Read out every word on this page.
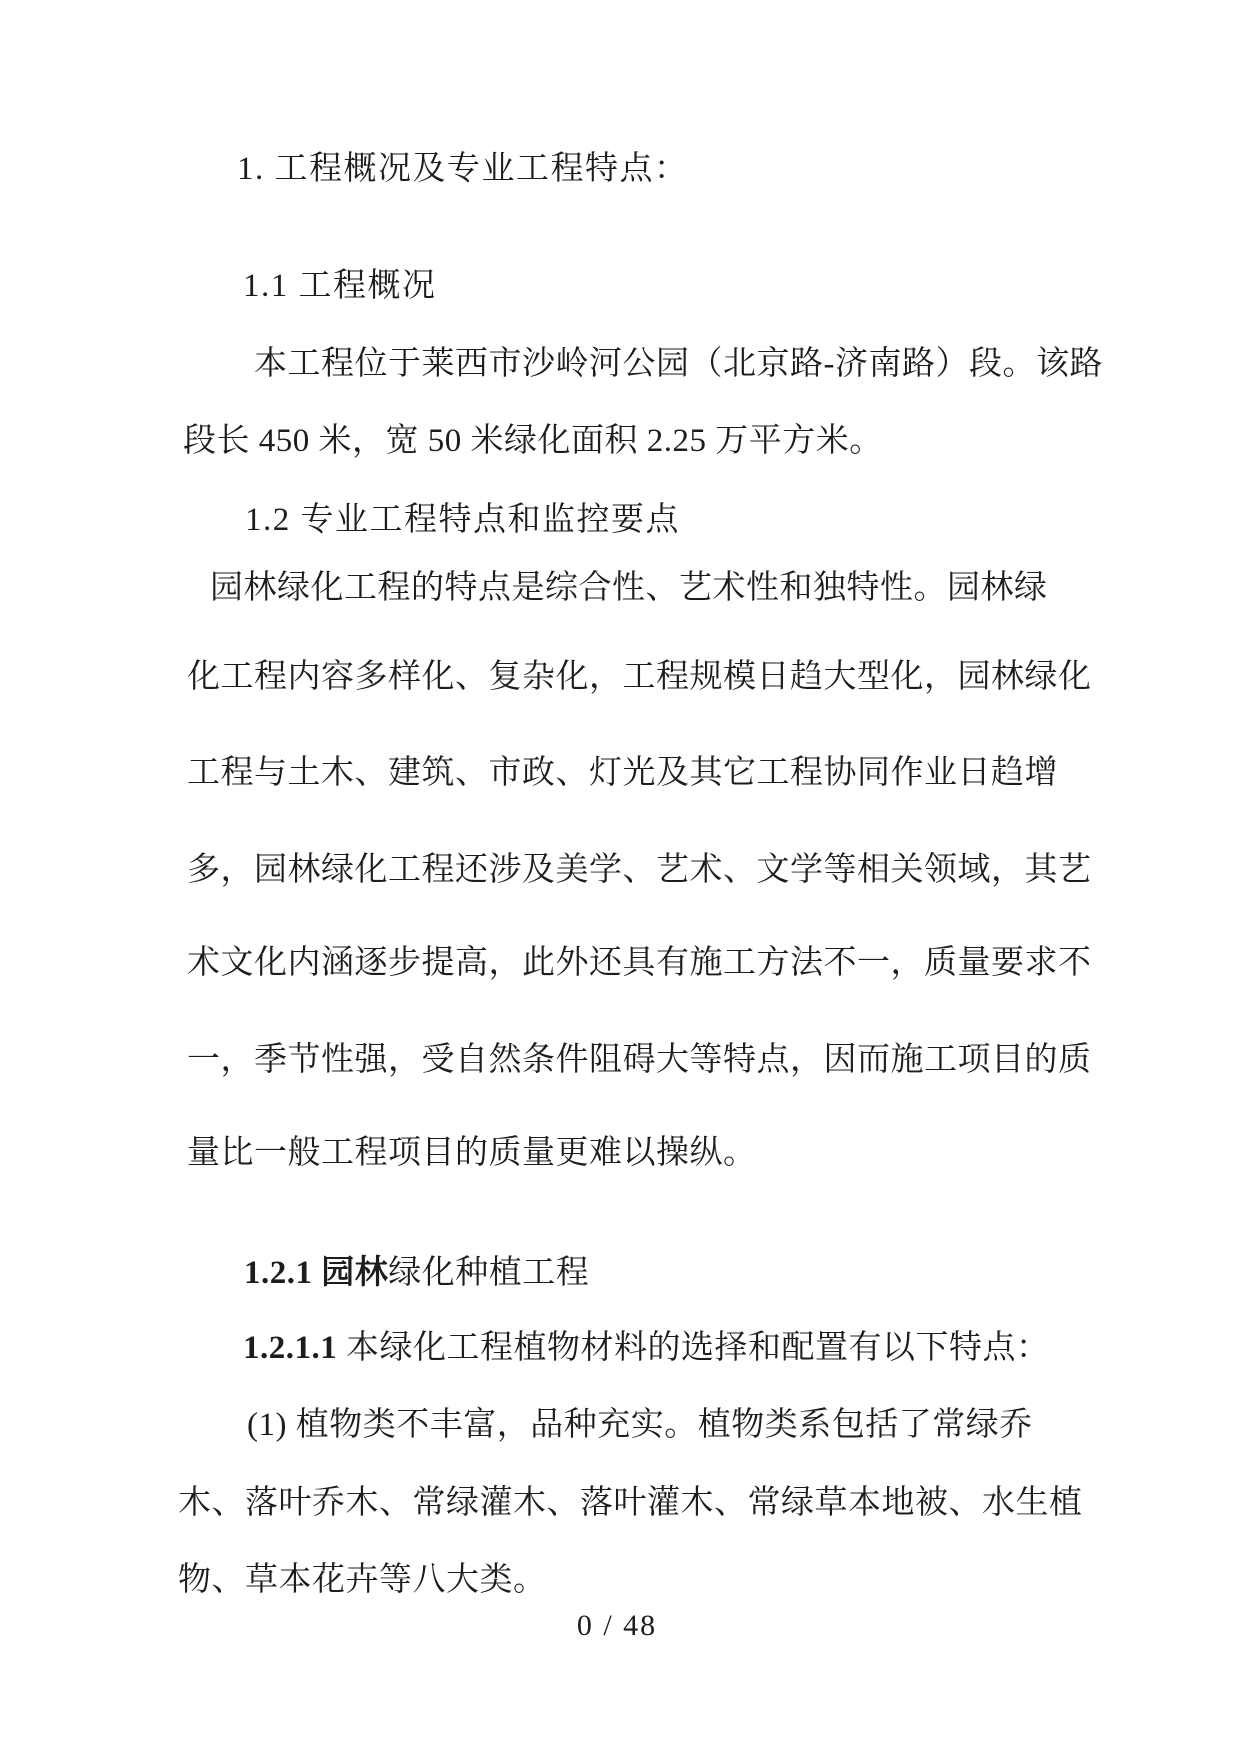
1. 工程概况及专业工程特点：
1.1 工程概况
本工程位于莱西市沙岭河公园（北京路-济南路）段。该路
段长 450 米，宽 50 米绿化面积 2.25 万平方米。
1.2 专业工程特点和监控要点
园林绿化工程的特点是综合性、艺术性和独特性。园林绿
化工程内容多样化、复杂化，工程规模日趋大型化，园林绿化
工程与土木、建筑、市政、灯光及其它工程协同作业日趋增
多，园林绿化工程还涉及美学、艺术、文学等相关领域，其艺
术文化内涵逐步提高，此外还具有施工方法不一，质量要求不
一，季节性强，受自然条件阻碍大等特点，因而施工项目的质
量比一般工程项目的质量更难以操纵。
1.2.1 园林绿化种植工程
1.2.1.1 本绿化工程植物材料的选择和配置有以下特点：
(1) 植物类不丰富，品种充实。植物类系包括了常绿乔
木、落叶乔木、常绿灌木、落叶灌木、常绿草本地被、水生植
物、草本花卉等八大类。
0 / 48
